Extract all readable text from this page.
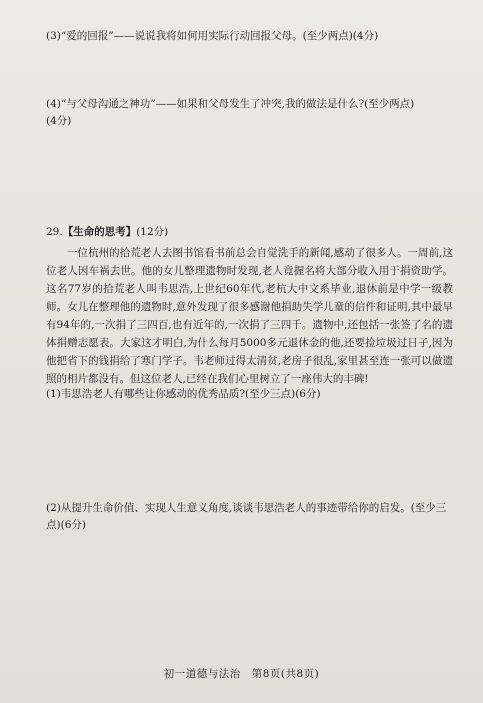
(3)“爱的回报”——说说我将如何用实际行动回报父母。(至少两点)(4分)
(4)“与父母沟通之神功”——如果和父母发生了冲突,我的做法是什么?(至少两点)
(4分)
29.【生命的思考】(12分)
一位杭州的拾荒老人去图书馆看书前总会自觉洗手的新闻,感动了很多人。一周前,这位老人因车祸去世。他的女儿整理遗物时发现,老人竟握名将大部分收入用于捐资助学。这名77岁的拾荒老人叫韦思浩,上世纪60年代,老杭大中文系毕业,退休前是中学一级教师。女儿在整理他的遗物时,意外发现了很多感谢他捐助失学儿童的信件和证明,其中最早有94年的,一次捐了三四百,也有近年的,一次捐了三四千。遗物中,还包括一张签了名的遗体捐赠志愿表。大家这才明白,为什么每月5000多元退休金的他,还要捡垃圾过日子,因为他把省下的钱捐给了寒门学子。韦老师过得太清贫,老房子很乱,家里甚至连一张可以做遗照的相片都没有。但这位老人,已经在我们心里树立了一座伟大的丰碑!
(1)韦思浩老人有哪些让你感动的优秀品质?(至少三点)(6分)
(2)从提升生命价值、实现人生意义角度,谈谈韦思浩老人的事迹带给你的启发。(至少三
点)(6分)
初一道德与法治　第8页(共8页)
